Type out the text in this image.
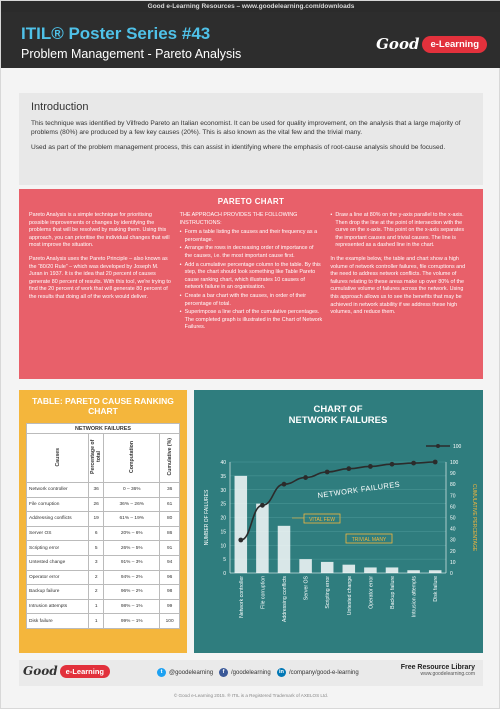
Good e-Learning Resources – www.goodelearning.com/downloads
ITIL® Poster Series #43
Problem Management - Pareto Analysis
Good	e-Learning
Introduction

This technique was identified by Vilfredo Pareto an Italian economist. It can be used for quality improvement, on the analysis that a large majority of problems (80%) are produced by a few key causes (20%). This is also known as the vital few and the trivial many.

Used as part of the problem management process, this can assist in identifying where the emphasis of root-cause analysis should be focused.

PARETO CHART

Pareto Analysis is a simple technique for prioritising possible improvements or changes by identifying the problems that will be resolved by making them. Using this approach, you can prioritise the individual changes that will most improve the situation.

Pareto Analysis uses the Pareto Principle – also known as the “80/20 Rule” – which was developed by Joseph M. Juran in 1937. It is the idea that 20 percent of causes generate 80 percent of results. With this tool, we're trying to find the 20 percent of work that will generate 80 percent of the results that doing all of the work would deliver.

THE APPROACH PROVIDES THE FOLLOWING INSTRUCTIONS:

• Form a table listing the causes and their frequency as a percentage.
• Arrange the rows in decreasing order of importance of the causes, i.e. the most important cause first.
• Add a cumulative percentage column to the table. By this step, the chart should look something like Table Pareto cause ranking chart, which illustrates 10 causes of network failure in an organisation.
• Create a bar chart with the causes, in order of their percentage of total.
• Superimpose a line chart of the cumulative percentages. The completed graph is illustrated in the Chart of Network Failures.
• Draw a line at 80% on the y-axis parallel to the x-axis. Then drop the line at the point of intersection with the curve on the x-axis. This point on the x-axis separates the important causes and trivial causes. The line is represented as a dashed line in the chart.

In the example below, the table and chart show a high volume of network controller failures, file corruptions and the need to address network conflicts. The volume of failures relating to these areas make up over 80% of the cumulative volume of failures across the network. Using this approach allows us to see the benefits that may be achieved in network stability if we address these high volumes, and reduce them.

TABLE: PARETO CAUSE RANKING CHART
NETWORK FAILURES			
Causes	Percentage of total	Computation	Cumulative (%)
Network controller	36	0 – 36%	36
File corruption	26	36% – 26%	61
Addressing conflicts	19	61% – 19%	80
Server OS	6	20% – 6%	86
Scripting error	5	26% – 5%	91
Untested change	3	91% – 3%	94
Operator error	2	94% – 2%	96
Backup failure	2	96% – 2%	98
Intrusion attempts	1	98% – 1%	99
Disk failure	1	99% – 1%	100
CHART OF
NETWORK FAILURES
100
0
5
10
15
20
25
30
35
40
0
10
20
30
40
50
60
70
80
90
100
NUMBER OF FAILURES	CUMULATIVE PERCENTAGE
Network controller	File corruption	Addressing conflicts	Server OS	Scripting error	Untested change	Operator error	Backup failure	Intrusion attempts	Disk failure
NETWORK FAILURES
VITAL FEW
TRIVIAL MANY
Good	e-Learning	t	@goodelearning	f	/goodelearning	in /company/good-e-learning
Free Resource Library
www.goodelearning.com
© Good e-Learning 2015. ® ITIL is a Registered Trademark of AXELOS Ltd.
